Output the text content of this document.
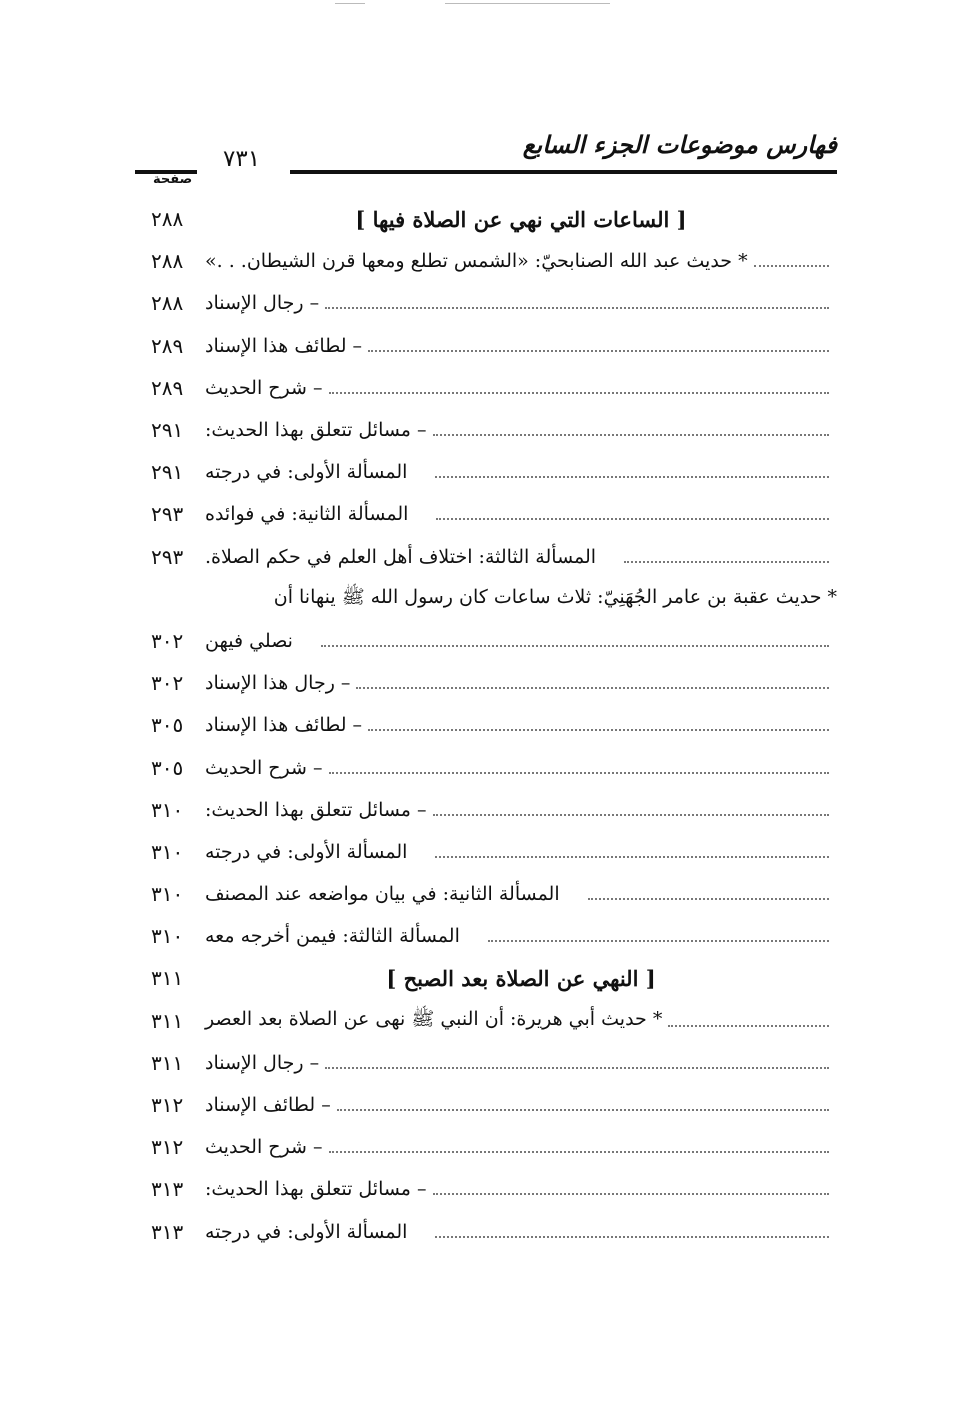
فهارس موضوعات الجزء السابع
٧٣١
صفحة
٢٨٨	[ الساعات التي نهي عن الصلاة فيها ]
٢٨٨	* حديث عبد الله الصنابحيّ: «الشمس تطلع ومعها قرن الشيطان. . .»
٢٨٨	– رجال الإسناد
٢٨٩	– لطائف هذا الإسناد
٢٨٩	– شرح الحديث
٢٩١	– مسائل تتعلق بهذا الحديث:
٢٩١	المسألة الأولى: في درجته
٢٩٣	المسألة الثانية: في فوائده
٢٩٣	المسألة الثالثة: اختلاف أهل العلم في حكم الصلاة.
* حديث عقبة بن عامر الجُهَنِيّ: ثلاث ساعات كان رسول الله ﷺ ينهانا أن
٣٠٢	نصلي فيهن
٣٠٢	– رجال هذا الإسناد
٣٠٥	– لطائف هذا الإسناد
٣٠٥	– شرح الحديث
٣١٠	– مسائل تتعلق بهذا الحديث:
٣١٠	المسألة الأولى: في درجته
٣١٠	المسألة الثانية: في بيان مواضعه عند المصنف
٣١٠	المسألة الثالثة: فيمن أخرجه معه
٣١١	[ النهي عن الصلاة بعد الصبح ]
٣١١	* حديث أبي هريرة: أن النبي ﷺ نهى عن الصلاة بعد العصر
٣١١	– رجال الإسناد
٣١٢	– لطائف الإسناد
٣١٢	– شرح الحديث
٣١٣	– مسائل تتعلق بهذا الحديث:
٣١٣	المسألة الأولى: في درجته
